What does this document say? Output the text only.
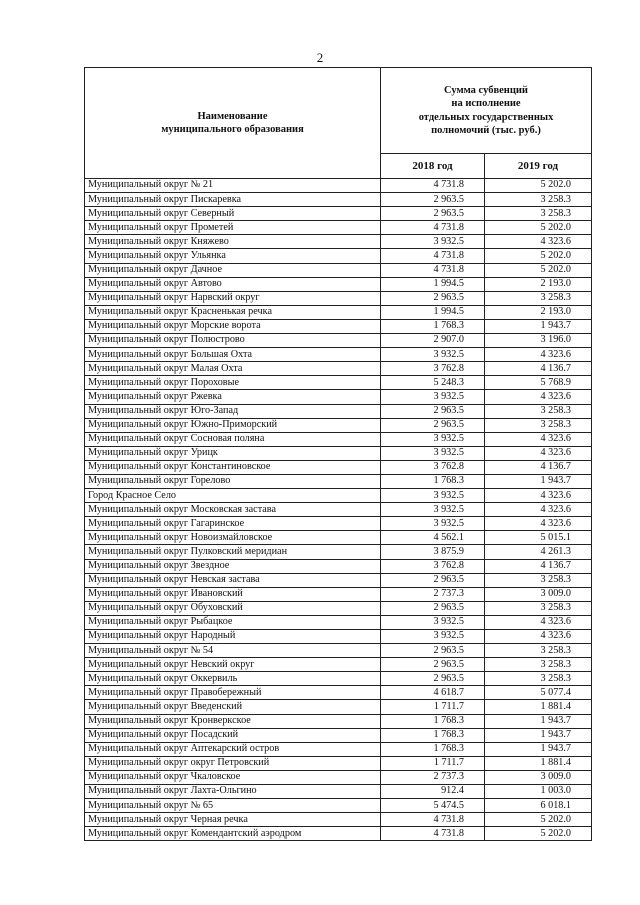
2
Наименование
муниципального образования	Сумма субвенций
на исполнение
отдельных государственных
полномочий (тыс. руб.)	
	2018 год	2019 год
Муниципальный округ № 21	4 731.8	5 202.0
Муниципальный округ Пискаревка	2 963.5	3 258.3
Муниципальный округ Северный	2 963.5	3 258.3
Муниципальный округ Прометей	4 731.8	5 202.0
Муниципальный округ Княжево	3 932.5	4 323.6
Муниципальный округ Ульянка	4 731.8	5 202.0
Муниципальный округ Дачное	4 731.8	5 202.0
Муниципальный округ Автово	1 994.5	2 193.0
Муниципальный округ Нарвский округ	2 963.5	3 258.3
Муниципальный округ Красненькая речка	1 994.5	2 193.0
Муниципальный округ Морские ворота	1 768.3	1 943.7
Муниципальный округ Полюстрово	2 907.0	3 196.0
Муниципальный округ Большая Охта	3 932.5	4 323.6
Муниципальный округ Малая Охта	3 762.8	4 136.7
Муниципальный округ Пороховые	5 248.3	5 768.9
Муниципальный округ Ржевка	3 932.5	4 323.6
Муниципальный округ Юго-Запад	2 963.5	3 258.3
Муниципальный округ Южно-Приморский	2 963.5	3 258.3
Муниципальный округ Сосновая поляна	3 932.5	4 323.6
Муниципальный округ Урицк	3 932.5	4 323.6
Муниципальный округ Константиновское	3 762.8	4 136.7
Муниципальный округ Горелово	1 768.3	1 943.7
Город Красное Село	3 932.5	4 323.6
Муниципальный округ Московская застава	3 932.5	4 323.6
Муниципальный округ Гагаринское	3 932.5	4 323.6
Муниципальный округ Новоизмайловское	4 562.1	5 015.1
Муниципальный округ Пулковский меридиан	3 875.9	4 261.3
Муниципальный округ Звездное	3 762.8	4 136.7
Муниципальный округ Невская застава	2 963.5	3 258.3
Муниципальный округ Ивановский	2 737.3	3 009.0
Муниципальный округ Обуховский	2 963.5	3 258.3
Муниципальный округ Рыбацкое	3 932.5	4 323.6
Муниципальный округ Народный	3 932.5	4 323.6
Муниципальный округ № 54	2 963.5	3 258.3
Муниципальный округ Невский округ	2 963.5	3 258.3
Муниципальный округ Оккервиль	2 963.5	3 258.3
Муниципальный округ Правобережный	4 618.7	5 077.4
Муниципальный округ Введенский	1 711.7	1 881.4
Муниципальный округ Кронверкское	1 768.3	1 943.7
Муниципальный округ Посадский	1 768.3	1 943.7
Муниципальный округ Аптекарский остров	1 768.3	1 943.7
Муниципальный округ округ Петровский	1 711.7	1 881.4
Муниципальный округ Чкаловское	2 737.3	3 009.0
Муниципальный округ Лахта-Ольгино	912.4	1 003.0
Муниципальный округ № 65	5 474.5	6 018.1
Муниципальный округ Черная речка	4 731.8	5 202.0
Муниципальный округ Комендантский аэродром	4 731.8	5 202.0
